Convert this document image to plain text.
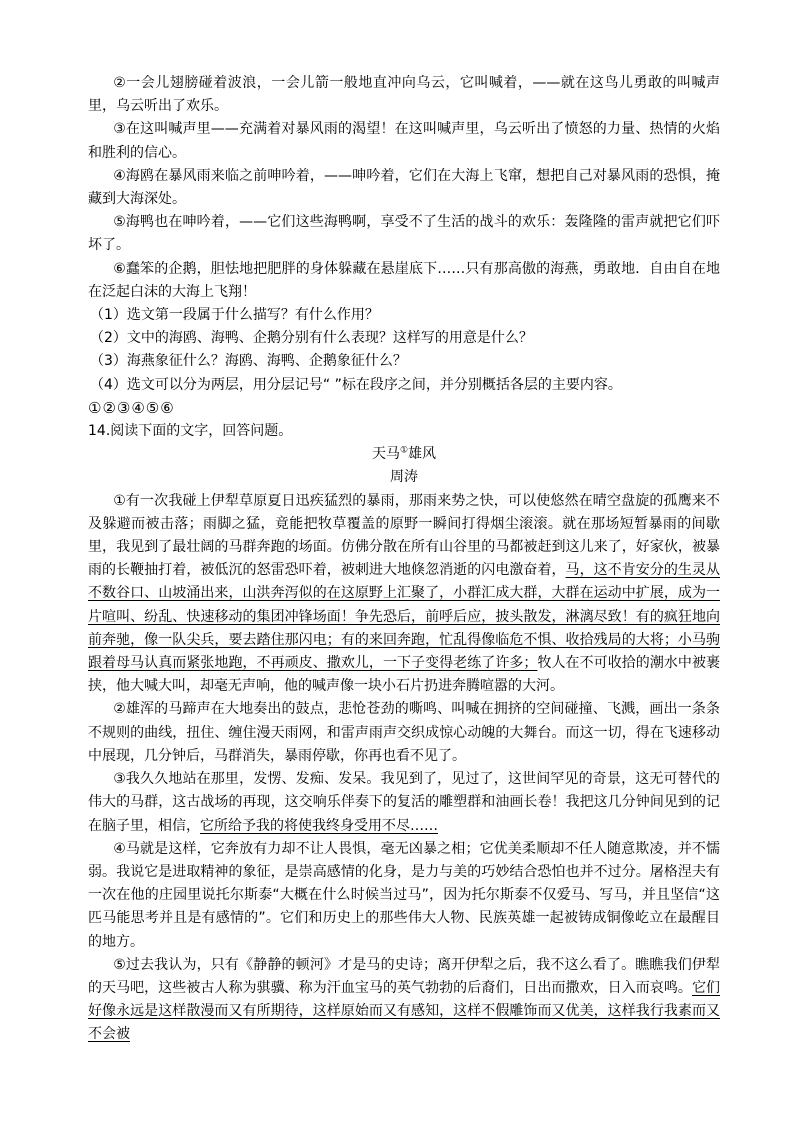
②一会儿翅膀碰着波浪，一会儿箭一般地直冲向乌云，它叫喊着，——就在这鸟儿勇敢的叫喊声里，乌云听出了欢乐。

③在这叫喊声里——充满着对暴风雨的渴望！在这叫喊声里，乌云听出了愤怒的力量、热情的火焰和胜利的信心。

④海鸥在暴风雨来临之前呻吟着，——呻吟着，它们在大海上飞窜，想把自己对暴风雨的恐惧，掩藏到大海深处。

⑤海鸭也在呻吟着，——它们这些海鸭啊，享受不了生活的战斗的欢乐：轰隆隆的雷声就把它们吓坏了。

⑥蠢笨的企鹅，胆怯地把肥胖的身体躲藏在悬崖底下……只有那高傲的海燕，勇敢地．自由自在地在泛起白沫的大海上飞翔！

（1）选文第一段属于什么描写？有什么作用？

（2）文中的海鸥、海鸭、企鹅分别有什么表现？这样写的用意是什么？

（3）海燕象征什么？海鸥、海鸭、企鹅象征什么？

（4）选文可以分为两层，用分层记号“ ”标在段序之间，并分别概括各层的主要内容。

①②③④⑤⑥

14.阅读下面的文字，回答问题。

天马①雄风

周涛

①有一次我碰上伊犁草原夏日迅疾猛烈的暴雨，那雨来势之快，可以使悠然在晴空盘旋的孤鹰来不及躲避而被击落；雨脚之猛，竟能把牧草覆盖的原野一瞬间打得烟尘滚滚。就在那场短暂暴雨的间歇里，我见到了最壮阔的马群奔跑的场面。仿佛分散在所有山谷里的马都被赶到这儿来了，好家伙，被暴雨的长鞭抽打着，被低沉的怒雷恐吓着，被刺进大地倏忽消逝的闪电激奋着，马，这不肯安分的生灵从不数谷口、山坡涌出来，山洪奔泻似的在这原野上汇聚了，小群汇成大群，大群在运动中扩展，成为一片喧叫、纷乱、快速移动的集团冲锋场面！争先恐后，前呼后应，披头散发，淋漓尽致！有的疯狂地向前奔驰，像一队尖兵，要去踏住那闪电；有的来回奔跑，忙乱得像临危不惧、收拾残局的大将；小马驹跟着母马认真而紧张地跑，不再顽皮、撒欢儿，一下子变得老练了许多；牧人在不可收拾的潮水中被裹挟，他大喊大叫，却毫无声响，他的喊声像一块小石片扔进奔腾喧嚣的大河。

②雄浑的马蹄声在大地奏出的鼓点，悲怆苍劲的嘶鸣、叫喊在拥挤的空间碰撞、飞溅，画出一条条不规则的曲线，扭住、缠住漫天雨网，和雷声雨声交织成惊心动魄的大舞台。而这一切，得在飞速移动中展现，几分钟后，马群消失，暴雨停歇，你再也看不见了。

③我久久地站在那里，发愣、发痴、发呆。我见到了，见过了，这世间罕见的奇景，这无可替代的伟大的马群，这古战场的再现，这交响乐伴奏下的复活的雕塑群和油画长卷！我把这几分钟间见到的记在脑子里，相信，它所给予我的将使我终身受用不尽……

④马就是这样，它奔放有力却不让人畏惧，毫无凶暴之相；它优美柔顺却不任人随意欺凌，并不懦弱。我说它是进取精神的象征，是崇高感情的化身，是力与美的巧妙结合恐怕也并不过分。屠格涅夫有一次在他的庄园里说托尔斯泰“大概在什么时候当过马”，因为托尔斯泰不仅爱马、写马，并且坚信“这匹马能思考并且是有感情的”。它们和历史上的那些伟大人物、民族英雄一起被铸成铜像屹立在最醒目的地方。

⑤过去我认为，只有《静静的顿河》才是马的史诗；离开伊犁之后，我不这么看了。瞧瞧我们伊犁的天马吧，这些被古人称为骐骥、称为汗血宝马的英气勃勃的后裔们，日出而撒欢，日入而哀鸣。它们好像永远是这样散漫而又有所期待，这样原始而又有感知，这样不假雕饰而又优美，这样我行我素而又不会被
